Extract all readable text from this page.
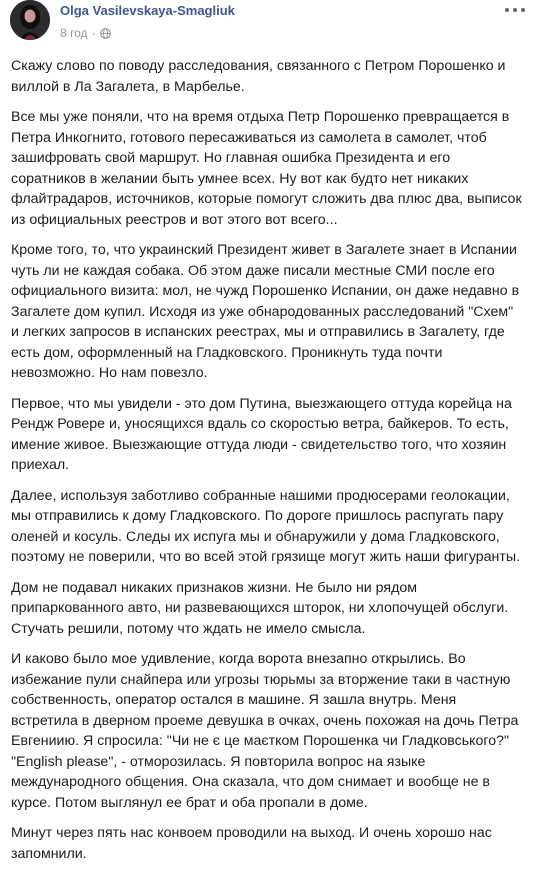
Olga Vasilevskaya-Smagliuk
8 год ·

Скажу слово по поводу расследования, связанного с Петром Порошенко и виллой в Ла Загалета, в Марбелье.

Все мы уже поняли, что на время отдыха Петр Порошенко превращается в Петра Инкогнито, готового пересаживаться из самолета в самолет, чтоб зашифровать свой маршрут. Но главная ошибка Президента и его соратников в желании быть умнее всех. Ну вот как будто нет никаких флайтрадаров, источников, которые помогут сложить два плюс два, выписок из официальных реестров и вот этого вот всего...

Кроме того, то, что украинский Президент живет в Загалете знает в Испании чуть ли не каждая собака. Об этом даже писали местные СМИ после его официального визита: мол, не чужд Порошенко Испании, он даже недавно в Загалете дом купил. Исходя из уже обнародованных расследований "Схем" и легких запросов в испанских реестрах, мы и отправились в Загалету, где есть дом, оформленный на Гладковского. Проникнуть туда почти невозможно. Но нам повезло.

Первое, что мы увидели - это дом Путина, выезжающего оттуда корейца на Рендж Ровере и, уносящихся вдаль со скоростью ветра, байкеров. То есть, имение живое. Выезжающие оттуда люди - свидетельство того, что хозяин приехал.

Далее, используя заботливо собранные нашими продюсерами геолокации, мы отправились к дому Гладковского. По дороге пришлось распугать пару оленей и косуль. Следы их испуга мы и обнаружили у дома Гладковского, поэтому не поверили, что во всей этой грязище могут жить наши фигуранты.

Дом не подавал никаких признаков жизни. Не было ни рядом припаркованного авто, ни развевающихся шторок, ни хлопочущей обслуги. Стучать решили, потому что ждать не имело смысла.

И каково было мое удивление, когда ворота внезапно открылись. Во избежание пули снайпера или угрозы тюрьмы за вторжение таки в частную собственность, оператор остался в машине. Я зашла внутрь. Меня встретила в дверном проеме девушка в очках, очень похожая на дочь Петра Евгениию. Я спросила: "Чи не є це маєтком Порошенка чи Гладковського?" "English please", - отморозилась. Я повторила вопрос на языке международного общения. Она сказала, что дом снимает и вообще не в курсе. Потом выглянул ее брат и оба пропали в доме.

Минут через пять нас конвоем проводили на выход. И очень хорошо нас запомнили.
